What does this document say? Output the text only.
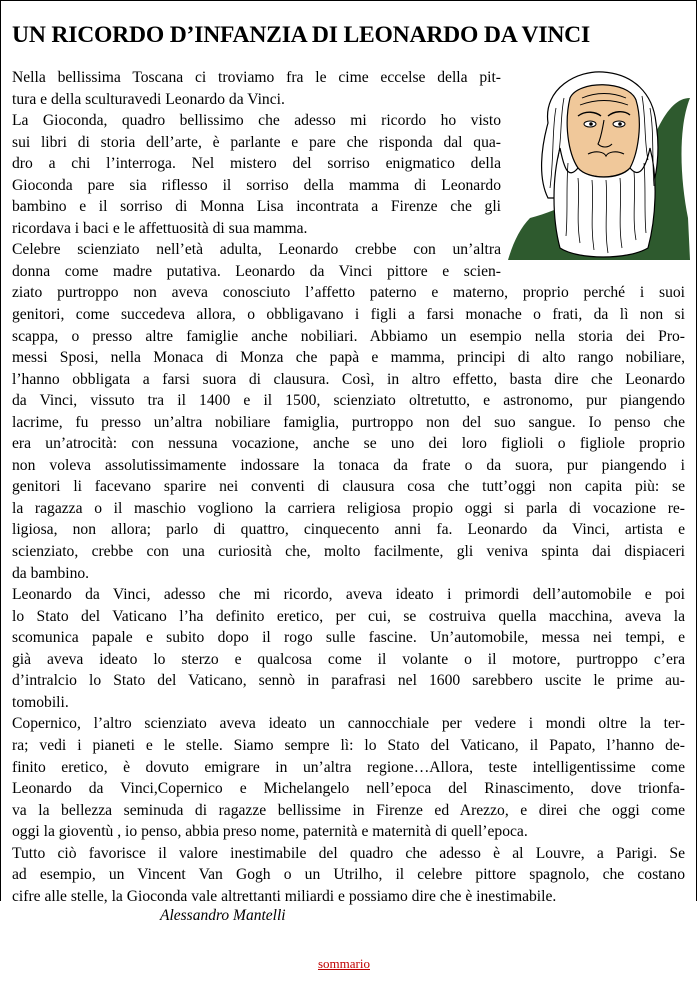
UN RICORDO D’INFANZIA DI LEONARDO DA VINCI
Nella bellissima Toscana ci troviamo fra le cime eccelse della pit-
tura e della sculturavedi Leonardo da Vinci.
La Gioconda, quadro bellissimo che adesso mi ricordo ho visto
sui libri di storia dell’arte, è parlante e pare che risponda dal qua-
dro a chi l’interroga. Nel mistero del sorriso enigmatico della
Gioconda pare sia riflesso il sorriso della mamma di Leonardo
bambino e il sorriso di Monna Lisa incontrata a Firenze che gli
ricordava i baci e le affettuosità di sua mamma.
Celebre scienziato nell’età adulta, Leonardo crebbe con un’altra
donna come madre putativa. Leonardo da Vinci pittore e scien-
ziato purtroppo non aveva conosciuto l’affetto paterno e materno, proprio perché i suoi
genitori, come succedeva allora, o obbligavano i figli a farsi monache o frati, da lì non si
scappa, o presso altre famiglie anche nobiliari. Abbiamo un esempio nella storia dei Pro-
messi Sposi, nella Monaca di Monza che papà e mamma, principi di alto rango nobiliare,
l’hanno obbligata a farsi suora di clausura. Così, in altro effetto, basta dire che Leonardo
da Vinci, vissuto tra il 1400 e il 1500, scienziato oltretutto, e astronomo, pur piangendo
lacrime, fu presso un’altra nobiliare famiglia, purtroppo non del suo sangue. Io penso che
era un’atrocità: con nessuna vocazione, anche se uno dei loro figlioli o figliole proprio
non voleva assolutissimamente indossare la tonaca da frate o da suora, pur piangendo i
genitori li facevano sparire nei conventi di clausura cosa che tutt’oggi non capita più: se
la ragazza o il maschio vogliono la carriera religiosa propio oggi si parla di vocazione re-
ligiosa, non allora; parlo di quattro, cinquecento anni fa. Leonardo da Vinci, artista e
scienziato, crebbe con una curiosità che, molto facilmente, gli veniva spinta dai dispiaceri
da bambino.
Leonardo da Vinci, adesso che mi ricordo, aveva ideato i primordi dell’automobile e poi
lo Stato del Vaticano l’ha definito eretico, per cui, se costruiva quella macchina, aveva la
scomunica papale e subito dopo il rogo sulle fascine. Un’automobile, messa nei tempi, e
già aveva ideato lo sterzo e qualcosa come il volante o il motore, purtroppo c’era
d’intralcio lo Stato del Vaticano, sennò in parafrasi nel 1600 sarebbero uscite le prime au-
tomobili.
Copernico, l’altro scienziato aveva ideato un cannocchiale per vedere i mondi oltre la ter-
ra; vedi i pianeti e le stelle. Siamo sempre lì: lo Stato del Vaticano, il Papato, l’hanno de-
finito eretico, è dovuto emigrare in un’altra regione…Allora, teste intelligentissime come
Leonardo da Vinci,Copernico e Michelangelo nell’epoca del Rinascimento, dove trionfa-
va la bellezza seminuda di ragazze bellissime in Firenze ed Arezzo, e direi che oggi come
oggi la gioventù , io penso, abbia preso nome, paternità e maternità di quell’epoca.
Tutto ciò favorisce il valore inestimabile del quadro che adesso è al Louvre, a Parigi. Se
ad esempio, un Vincent Van Gogh o un Utrilho, il celebre pittore spagnolo, che costano
cifre alle stelle, la Gioconda vale altrettanti miliardi e possiamo dire che è inestimabile.

Alessandro Mantelli

sommario
